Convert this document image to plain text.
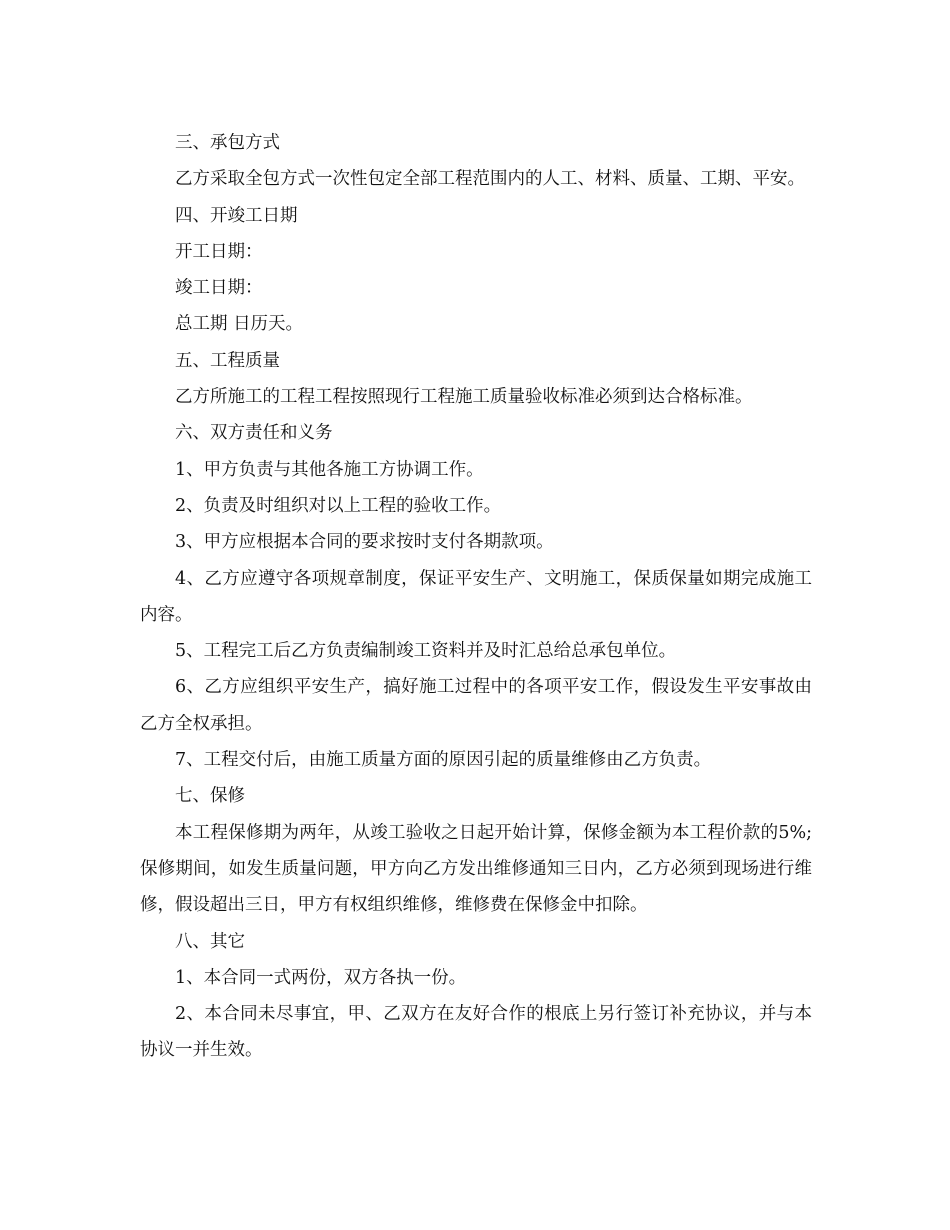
三、承包方式

乙方采取全包方式一次性包定全部工程范围内的人工、材料、质量、工期、平安。

四、开竣工日期

开工日期：

竣工日期：

总工期 日历天。

五、工程质量

乙方所施工的工程工程按照现行工程施工质量验收标准必须到达合格标准。

六、双方责任和义务

1、甲方负责与其他各施工方协调工作。

2、负责及时组织对以上工程的验收工作。

3、甲方应根据本合同的要求按时支付各期款项。

4、乙方应遵守各项规章制度，保证平安生产、文明施工，保质保量如期完成施工内容。

5、工程完工后乙方负责编制竣工资料并及时汇总给总承包单位。

6、乙方应组织平安生产，搞好施工过程中的各项平安工作，假设发生平安事故由乙方全权承担。

7、工程交付后，由施工质量方面的原因引起的质量维修由乙方负责。

七、保修

本工程保修期为两年，从竣工验收之日起开始计算，保修金额为本工程价款的5%;保修期间，如发生质量问题，甲方向乙方发出维修通知三日内，乙方必须到现场进行维修，假设超出三日，甲方有权组织维修，维修费在保修金中扣除。

八、其它

1、本合同一式两份，双方各执一份。

2、本合同未尽事宜，甲、乙双方在友好合作的根底上另行签订补充协议，并与本协议一并生效。
